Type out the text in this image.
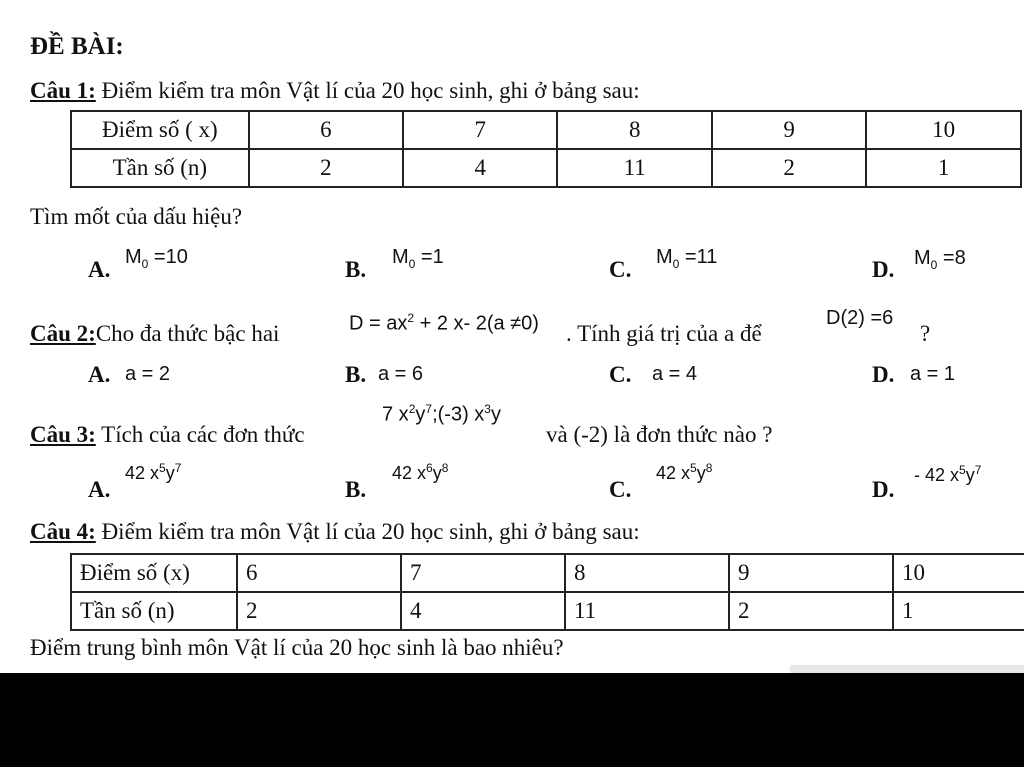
ĐỀ BÀI:
Câu 1: Điểm kiểm tra môn Vật lí của 20 học sinh, ghi ở bảng sau:
Điểm số ( x)	6	7	8	9	10
Tần số (n)	2	4	11	2	1
Tìm mốt của dấu hiệu?
A. $M_0 =10$	B. $M_0 =1$	C. $M_0 =11$	D. $M_0 =8$
Câu 2:Cho đa thức bậc hai	$D = ax^2 + 2$ x- 2(a ≠0) . Tính giá trị của a để
D(2) =6
?
A. a = 2	B. a = 6	C. a = 4	D. a = 1
Câu 3: Tích của các đơn thức
7 $x^2y^7;(-3)$ $x^3y$
và (-2) là đơn thức nào ?
A.
42 $x^5y^7$
B.
42 $x^6y^8$
C.
42 $x^5y^8$
D.
- 42 $x^5y^7$
Câu 4: Điểm kiểm tra môn Vật lí của 20 học sinh, ghi ở bảng sau:
Điểm số (x)	6	7	8	9	10
Tần số (n)	2	4	11	2	1
Điểm trung bình môn Vật lí của 20 học sinh là bao nhiêu?
